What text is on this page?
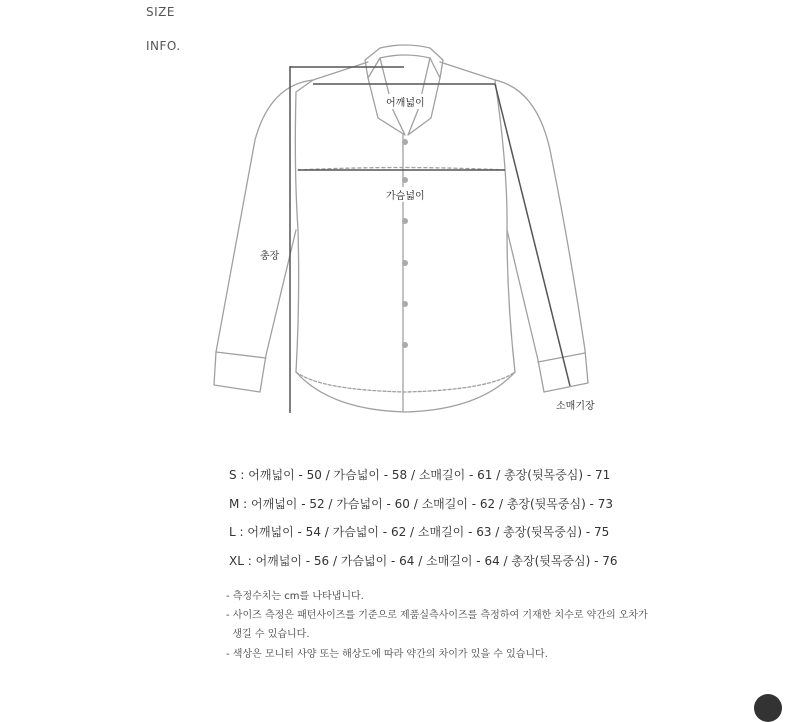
SIZE
INFO.
어깨넓이
가슴넓이
총장
소매기장
S : 어깨넓이 - 50 / 가슴넓이 - 58 / 소매길이 - 61 / 총장(뒷목중심) - 71
M : 어깨넓이 - 52 / 가슴넓이 - 60 / 소매길이 - 62 / 총장(뒷목중심) - 73
L : 어깨넓이 - 54 / 가슴넓이 - 62 / 소매길이 - 63 / 총장(뒷목중심) - 75
XL : 어깨넓이 - 56 / 가슴넓이 - 64 / 소매길이 - 64 / 총장(뒷목중심) - 76
- 측정수치는 cm를 나타냅니다.
- 사이즈 측정은 패턴사이즈를 기준으로 제품실측사이즈를 측정하여 기재한 치수로 약간의 오차가
생길 수 있습니다.
- 색상은 모니터 사양 또는 해상도에 따라 약간의 차이가 있을 수 있습니다.
